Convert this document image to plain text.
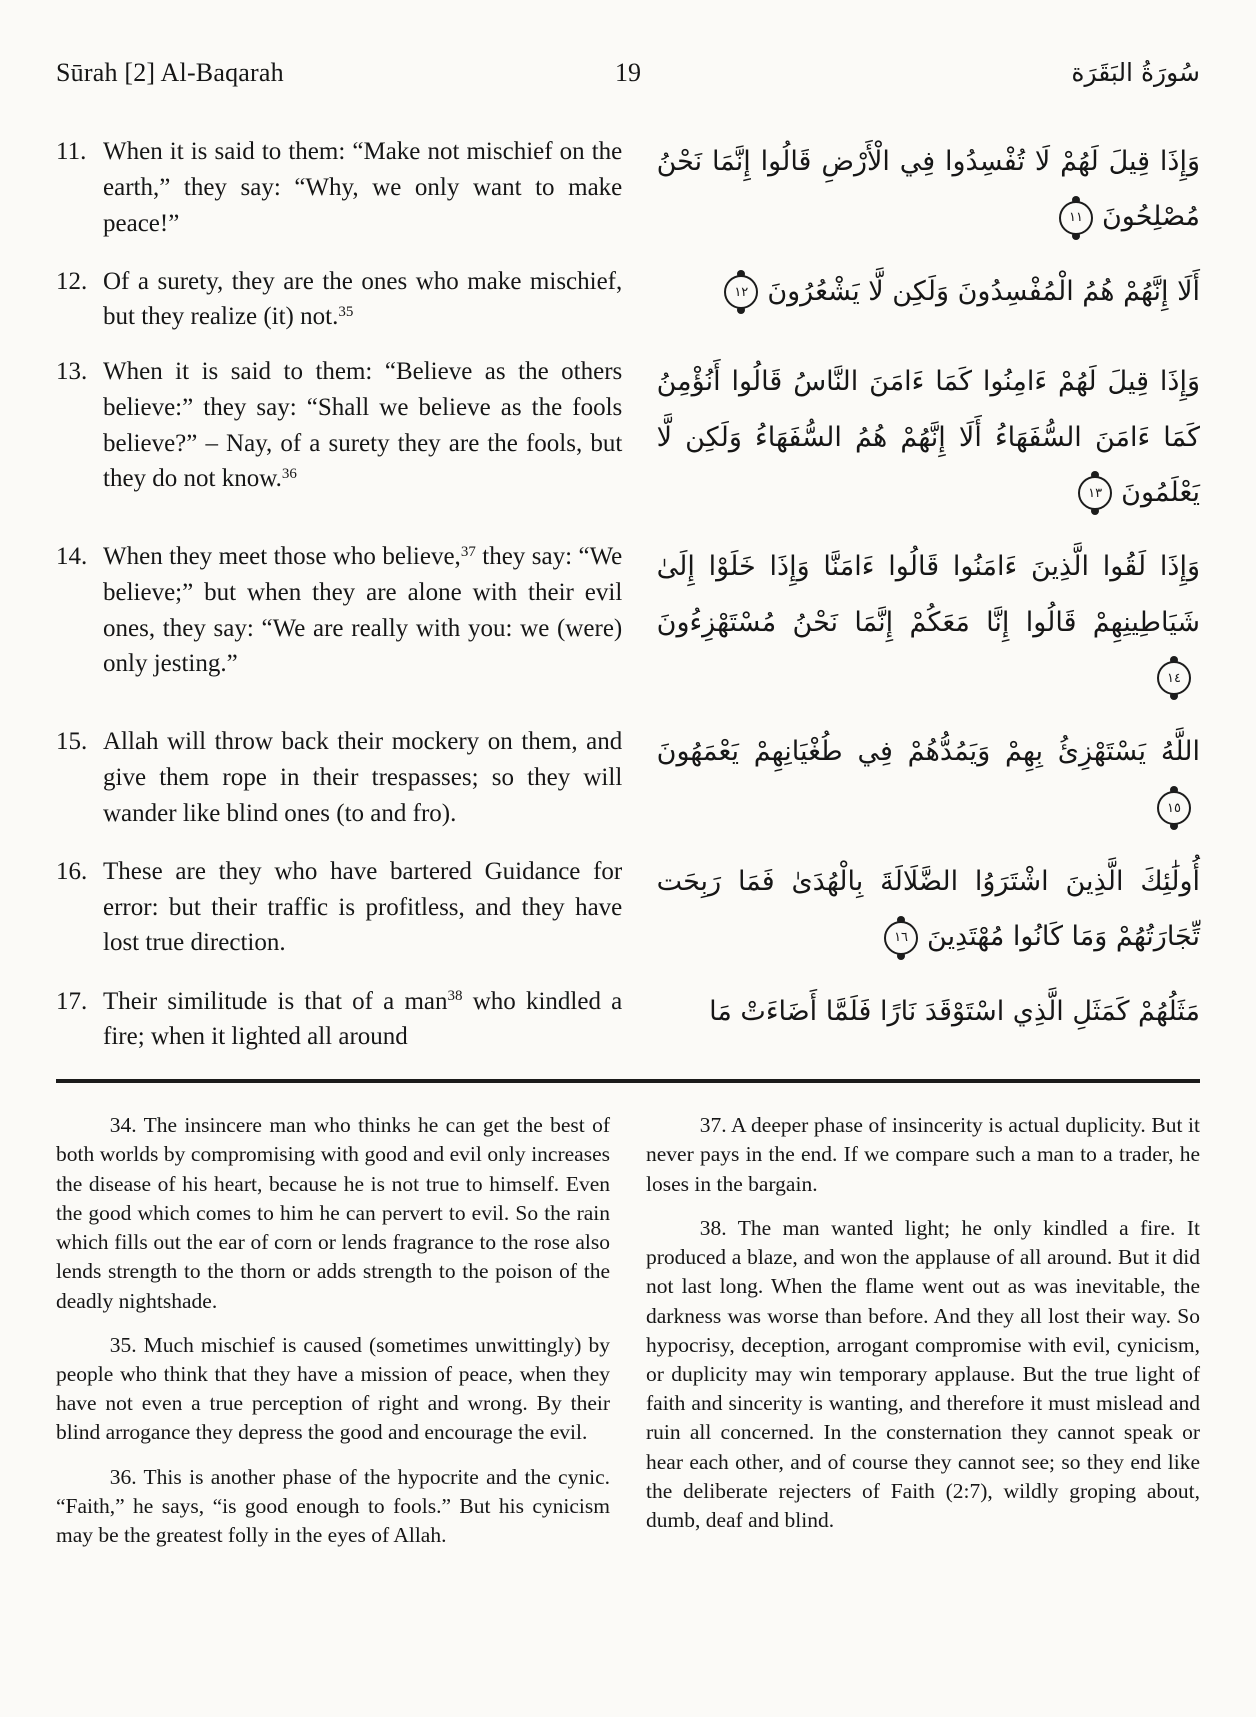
Sūrah [2] Al-Baqarah	19	سُورَةُ البَقَرَة
11. When it is said to them: “Make not mischief on the earth,” they say: “Why, we only want to make peace!”
وَإِذَا قِيلَ لَهُمْ لَا تُفْسِدُوا فِي الْأَرْضِ قَالُوا إِنَّمَا نَحْنُ مُصْلِحُونَ
١١
12. Of a surety, they are the ones who make mischief, but they realize (it) not.$^{35}$
أَلَا إِنَّهُمْ هُمُ الْمُفْسِدُونَ وَلَكِن لَّا يَشْعُرُونَ
١٢
13. When it is said to them: “Believe as the others believe:” they say: “Shall we believe as the fools believe?” – Nay, of a surety they are the fools, but they do not know.$^{36}$
وَإِذَا قِيلَ لَهُمْ ءَامِنُوا كَمَا ءَامَنَ النَّاسُ قَالُوا أَنُؤْمِنُ كَمَا ءَامَنَ السُّفَهَاءُ أَلَا إِنَّهُمْ هُمُ السُّفَهَاءُ وَلَكِن لَّا يَعْلَمُونَ
١٣
14. When they meet those who believe,$^{37}$ they say: “We believe;” but when they are alone with their evil ones, they say: “We are really with you: we (were) only jesting.”
وَإِذَا لَقُوا الَّذِينَ ءَامَنُوا قَالُوا ءَامَنَّا وَإِذَا خَلَوْا إِلَىٰ شَيَاطِينِهِمْ قَالُوا إِنَّا مَعَكُمْ إِنَّمَا نَحْنُ مُسْتَهْزِءُونَ
١٤
15. Allah will throw back their mockery on them, and give them rope in their trespasses; so they will wander like blind ones (to and fro).
اللَّهُ يَسْتَهْزِئُ بِهِمْ وَيَمُدُّهُمْ فِي طُغْيَانِهِمْ يَعْمَهُونَ
١٥
16. These are they who have bartered Guidance for error: but their traffic is profitless, and they have lost true direction.
أُولَٰئِكَ الَّذِينَ اشْتَرَوُا الضَّلَالَةَ بِالْهُدَىٰ فَمَا رَبِحَت تِّجَارَتُهُمْ وَمَا كَانُوا مُهْتَدِينَ
١٦
17. Their similitude is that of a man$^{38}$ who kindled a fire; when it lighted all around
مَثَلُهُمْ كَمَثَلِ الَّذِي اسْتَوْقَدَ نَارًا فَلَمَّا أَضَاءَتْ مَا

34. The insincere man who thinks he can get the best of both worlds by compromising with good and evil only increases the disease of his heart, because he is not true to himself. Even the good which comes to him he can pervert to evil. So the rain which fills out the ear of corn or lends fragrance to the rose also lends strength to the thorn or adds strength to the poison of the deadly nightshade.

35. Much mischief is caused (sometimes unwittingly) by people who think that they have a mission of peace, when they have not even a true perception of right and wrong. By their blind arrogance they depress the good and encourage the evil.

36. This is another phase of the hypocrite and the cynic. “Faith,” he says, “is good enough to fools.” But his cynicism may be the greatest folly in the eyes of Allah.

37. A deeper phase of insincerity is actual duplicity. But it never pays in the end. If we compare such a man to a trader, he loses in the bargain.

38. The man wanted light; he only kindled a fire. It produced a blaze, and won the applause of all around. But it did not last long. When the flame went out as was inevitable, the darkness was worse than before. And they all lost their way. So hypocrisy, deception, arrogant compromise with evil, cynicism, or duplicity may win temporary applause. But the true light of faith and sincerity is wanting, and therefore it must mislead and ruin all concerned. In the consternation they cannot speak or hear each other, and of course they cannot see; so they end like the deliberate rejecters of Faith (2:7), wildly groping about, dumb, deaf and blind.
